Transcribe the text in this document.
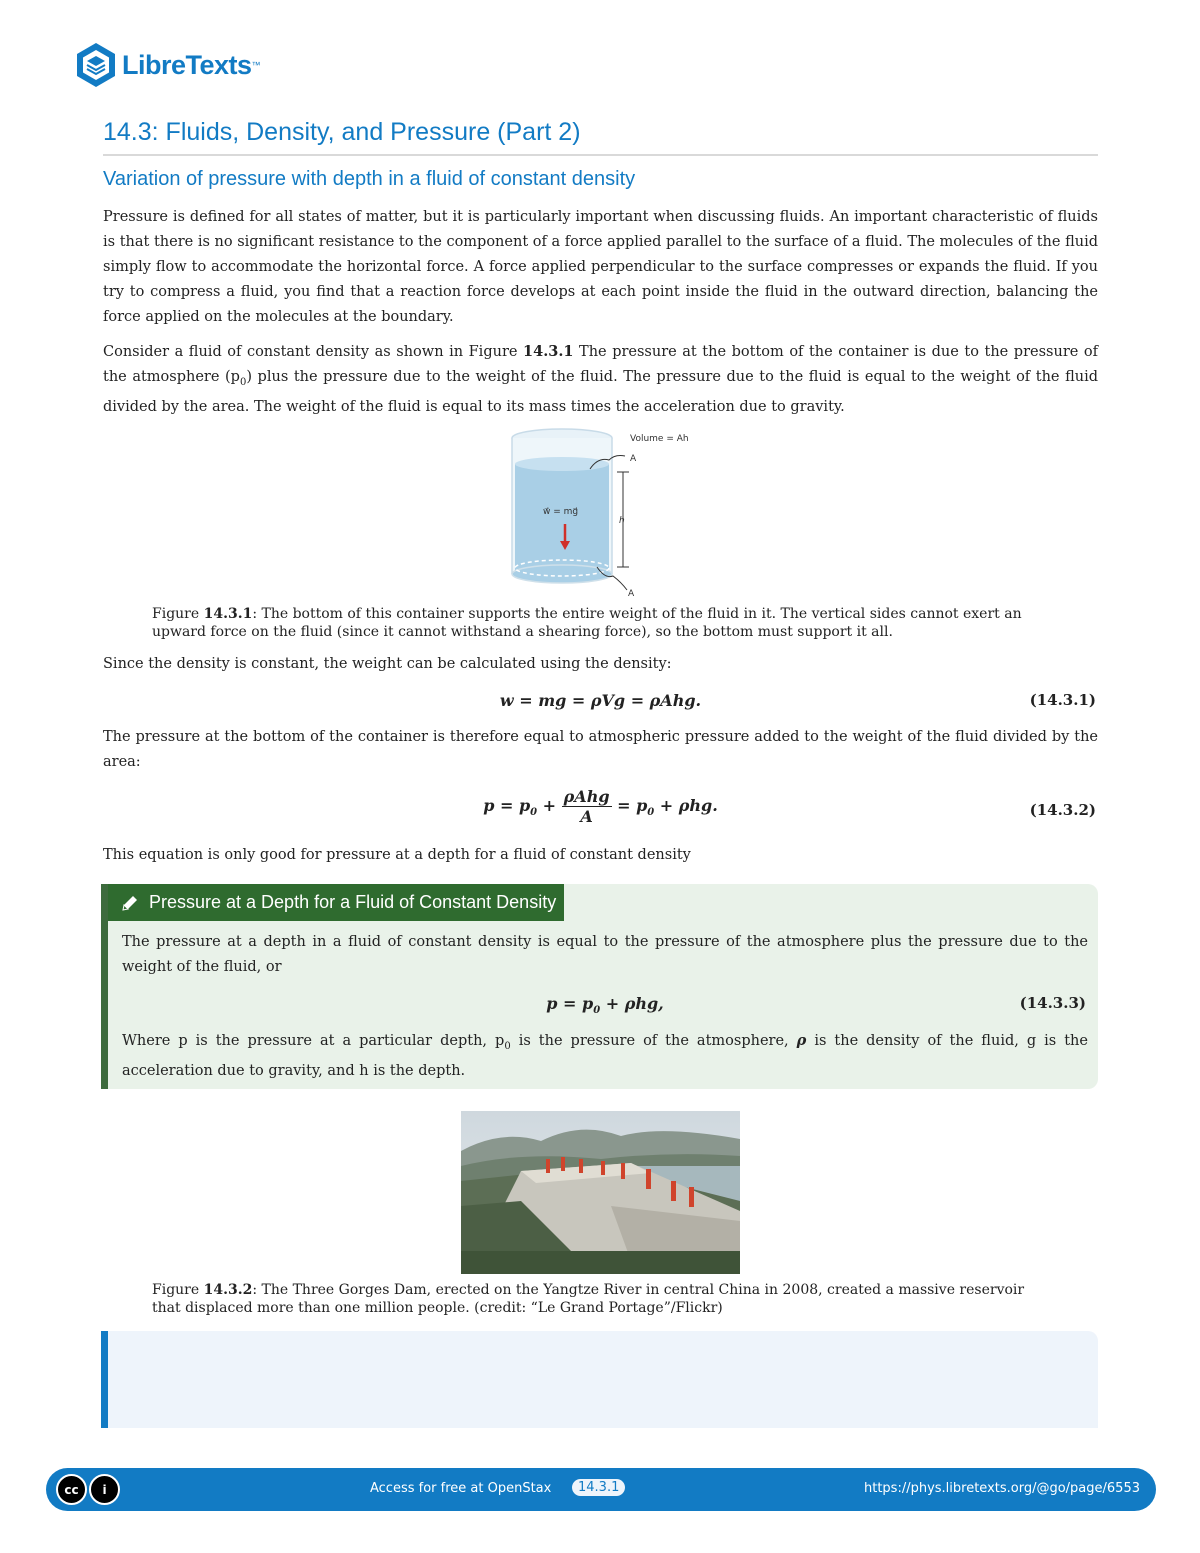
LibreTexts ™
14.3: Fluids, Density, and Pressure (Part 2)
Variation of pressure with depth in a fluid of constant density

Pressure is defined for all states of matter, but it is particularly important when discussing fluids. An important characteristic of fluids is that there is no significant resistance to the component of a force applied parallel to the surface of a fluid. The molecules of the fluid simply flow to accommodate the horizontal force. A force applied perpendicular to the surface compresses or expands the fluid. If you try to compress a fluid, you find that a reaction force develops at each point inside the fluid in the outward direction, balancing the force applied on the molecules at the boundary.

Consider a fluid of constant density as shown in Figure 14.3.1 The pressure at the bottom of the container is due to the pressure of the atmosphere $(p_0)$ plus the pressure due to the weight of the fluid. The pressure due to the fluid is equal to the weight of the fluid divided by the area. The weight of the fluid is equal to its mass times the acceleration due to gravity.

w⃗ = mg⃗
Volume = Ah
A
h
A
Figure 14.3.1: The bottom of this container supports the entire weight of the fluid in it. The vertical sides cannot exert an upward force on the fluid (since it cannot withstand a shearing force), so the bottom must support it all.

Since the density is constant, the weight can be calculated using the density:

w = mg = ρVg = ρAhg.	(14.3.1)

The pressure at the bottom of the container is therefore equal to atmospheric pressure added to the weight of the fluid divided by the area:

$p = p_0 + \frac{\text{ρAhg}}{A} = p_0 + \rho hg$.	(14.3.2)

This equation is only good for pressure at a depth for a fluid of constant density

Pressure at a Depth for a Fluid of Constant Density

The pressure at a depth in a fluid of constant density is equal to the pressure of the atmosphere plus the pressure due to the weight of the fluid, or

$p = p_0 + \rho hg$,	(14.3.3)

Where p is the pressure at a particular depth, $p_0$ is the pressure of the atmosphere, ρ is the density of the fluid, g is the acceleration due to gravity, and h is the depth.

Figure 14.3.2: The Three Gorges Dam, erected on the Yangtze River in central China in 2008, created a massive reservoir that displaced more than one million people. (credit: “Le Grand Portage”/Flickr)
cc	i	Access for free at OpenStax	14.3.1	https://phys.libretexts.org/@go/page/6553
